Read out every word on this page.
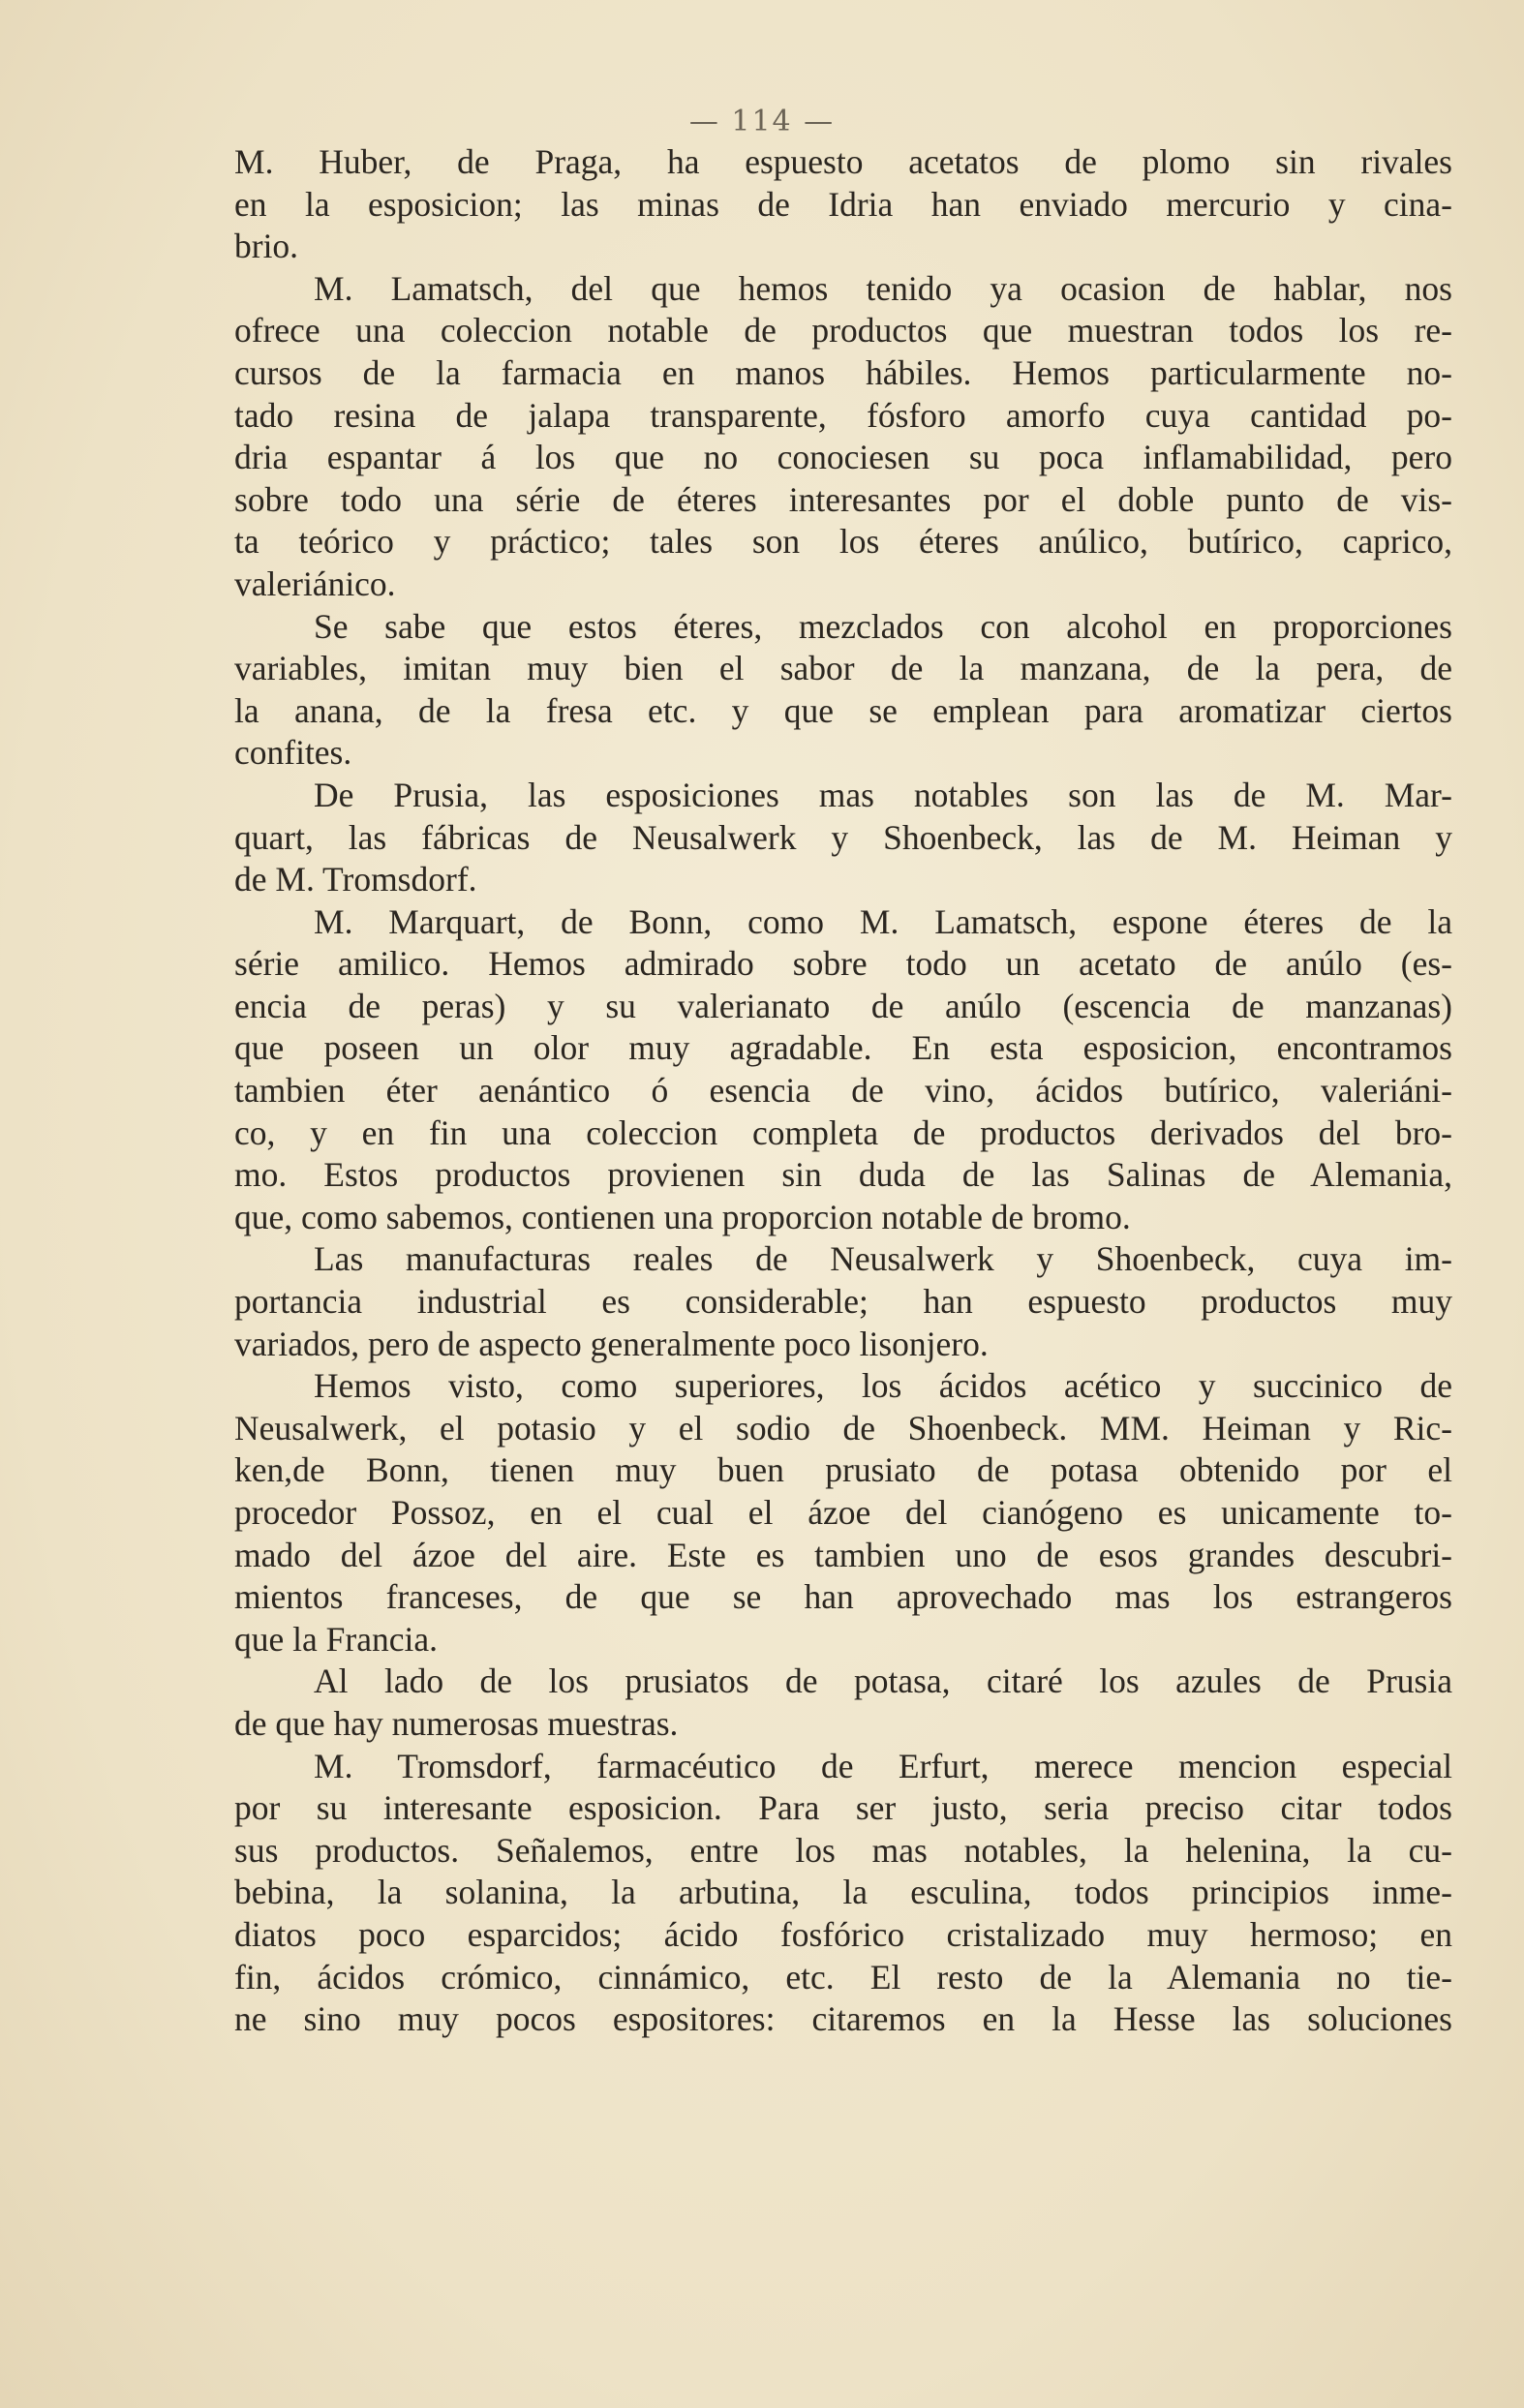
— 114 —
M. Huber, de Praga, ha espuesto acetatos de plomo sin rivales
en la esposicion; las minas de Idria han enviado mercurio y cina-
brio.
M. Lamatsch, del que hemos tenido ya ocasion de hablar, nos
ofrece una coleccion notable de productos que muestran todos los re-
cursos de la farmacia en manos hábiles. Hemos particularmente no-
tado resina de jalapa transparente, fósforo amorfo cuya cantidad po-
dria espantar á los que no conociesen su poca inflamabilidad, pero
sobre todo una série de éteres interesantes por el doble punto de vis-
ta teórico y práctico; tales son los éteres anúlico, butírico, caprico,
valeriánico.
Se sabe que estos éteres, mezclados con alcohol en proporciones
variables, imitan muy bien el sabor de la manzana, de la pera, de
la anana, de la fresa etc. y que se emplean para aromatizar ciertos
confites.
De Prusia, las esposiciones mas notables son las de M. Mar-
quart, las fábricas de Neusalwerk y Shoenbeck, las de M. Heiman y
de M. Tromsdorf.
M. Marquart, de Bonn, como M. Lamatsch, espone éteres de la
série amilico. Hemos admirado sobre todo un acetato de anúlo (es-
encia de peras) y su valerianato de anúlo (escencia de manzanas)
que poseen un olor muy agradable. En esta esposicion, encontramos
tambien éter aenántico ó esencia de vino, ácidos butírico, valeriáni-
co, y en fin una coleccion completa de productos derivados del bro-
mo. Estos productos provienen sin duda de las Salinas de Alemania,
que, como sabemos, contienen una proporcion notable de bromo.
Las manufacturas reales de Neusalwerk y Shoenbeck, cuya im-
portancia industrial es considerable; han espuesto productos muy
variados, pero de aspecto generalmente poco lisonjero.
Hemos visto, como superiores, los ácidos acético y succinico de
Neusalwerk, el potasio y el sodio de Shoenbeck. MM. Heiman y Ric-
ken,de Bonn, tienen muy buen prusiato de potasa obtenido por el
procedor Possoz, en el cual el ázoe del cianógeno es unicamente to-
mado del ázoe del aire. Este es tambien uno de esos grandes descubri-
mientos franceses, de que se han aprovechado mas los estrangeros
que la Francia.
Al lado de los prusiatos de potasa, citaré los azules de Prusia
de que hay numerosas muestras.
M. Tromsdorf, farmacéutico de Erfurt, merece mencion especial
por su interesante esposicion. Para ser justo, seria preciso citar todos
sus productos. Señalemos, entre los mas notables, la helenina, la cu-
bebina, la solanina, la arbutina, la esculina, todos principios inme-
diatos poco esparcidos; ácido fosfórico cristalizado muy hermoso; en
fin, ácidos crómico, cinnámico, etc. El resto de la Alemania no tie-
ne sino muy pocos espositores: citaremos en la Hesse las soluciones
